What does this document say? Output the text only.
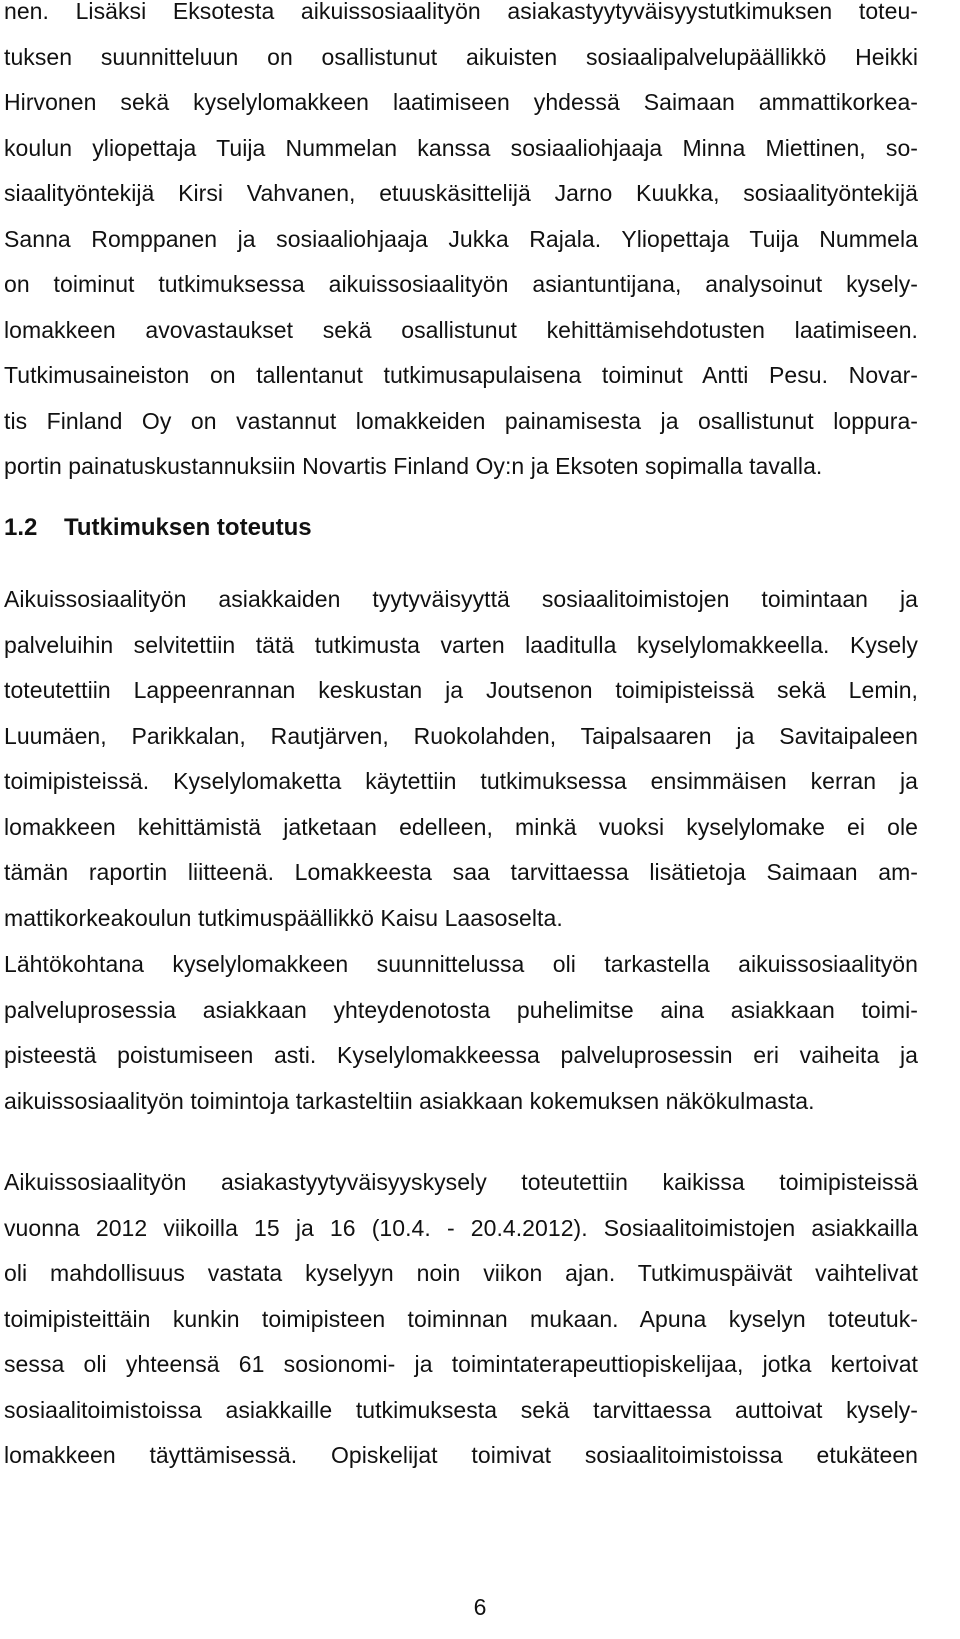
nen. Lisäksi Eksotesta aikuissosiaalityön asiakastyytyväisyystutkimuksen toteu-
tuksen suunnitteluun on osallistunut aikuisten sosiaalipalvelupäällikkö Heikki
Hirvonen sekä kyselylomakkeen laatimiseen yhdessä Saimaan ammattikorkea-
koulun yliopettaja Tuija Nummelan kanssa sosiaaliohjaaja Minna Miettinen, so-
siaalityöntekijä Kirsi Vahvanen, etuuskäsittelijä Jarno Kuukka, sosiaalityöntekijä
Sanna Romppanen ja sosiaaliohjaaja Jukka Rajala. Yliopettaja Tuija Nummela
on toiminut tutkimuksessa aikuissosiaalityön asiantuntijana, analysoinut kysely-
lomakkeen avovastaukset sekä osallistunut kehittämisehdotusten laatimiseen.
Tutkimusaineiston on tallentanut tutkimusapulaisena toiminut Antti Pesu. Novar-
tis Finland Oy on vastannut lomakkeiden painamisesta ja osallistunut loppura-
portin painatuskustannuksiin Novartis Finland Oy:n ja Eksoten sopimalla tavalla.
1.2 Tutkimuksen toteutus
Aikuissosiaalityön asiakkaiden tyytyväisyyttä sosiaalitoimistojen toimintaan ja
palveluihin selvitettiin tätä tutkimusta varten laaditulla kyselylomakkeella. Kysely
toteutettiin Lappeenrannan keskustan ja Joutsenon toimipisteissä sekä Lemin,
Luumäen, Parikkalan, Rautjärven, Ruokolahden, Taipalsaaren ja Savitaipaleen
toimipisteissä. Kyselylomaketta käytettiin tutkimuksessa ensimmäisen kerran ja
lomakkeen kehittämistä jatketaan edelleen, minkä vuoksi kyselylomake ei ole
tämän raportin liitteenä. Lomakkeesta saa tarvittaessa lisätietoja Saimaan am-
mattikorkeakoulun tutkimuspäällikkö Kaisu Laasoselta.
Lähtökohtana kyselylomakkeen suunnittelussa oli tarkastella aikuissosiaalityön
palveluprosessia asiakkaan yhteydenotosta puhelimitse aina asiakkaan toimi-
pisteestä poistumiseen asti. Kyselylomakkeessa palveluprosessin eri vaiheita ja
aikuissosiaalityön toimintoja tarkasteltiin asiakkaan kokemuksen näkökulmasta.
Aikuissosiaalityön asiakastyytyväisyyskysely toteutettiin kaikissa toimipisteissä
vuonna 2012 viikoilla 15 ja 16 (10.4. - 20.4.2012). Sosiaalitoimistojen asiakkailla
oli mahdollisuus vastata kyselyyn noin viikon ajan. Tutkimuspäivät vaihtelivat
toimipisteittäin kunkin toimipisteen toiminnan mukaan. Apuna kyselyn toteutuk-
sessa oli yhteensä 61 sosionomi- ja toimintaterapeuttiopiskelijaa, jotka kertoivat
sosiaalitoimistoissa asiakkaille tutkimuksesta sekä tarvittaessa auttoivat kysely-
lomakkeen täyttämisessä. Opiskelijat toimivat sosiaalitoimistoissa etukäteen
6
